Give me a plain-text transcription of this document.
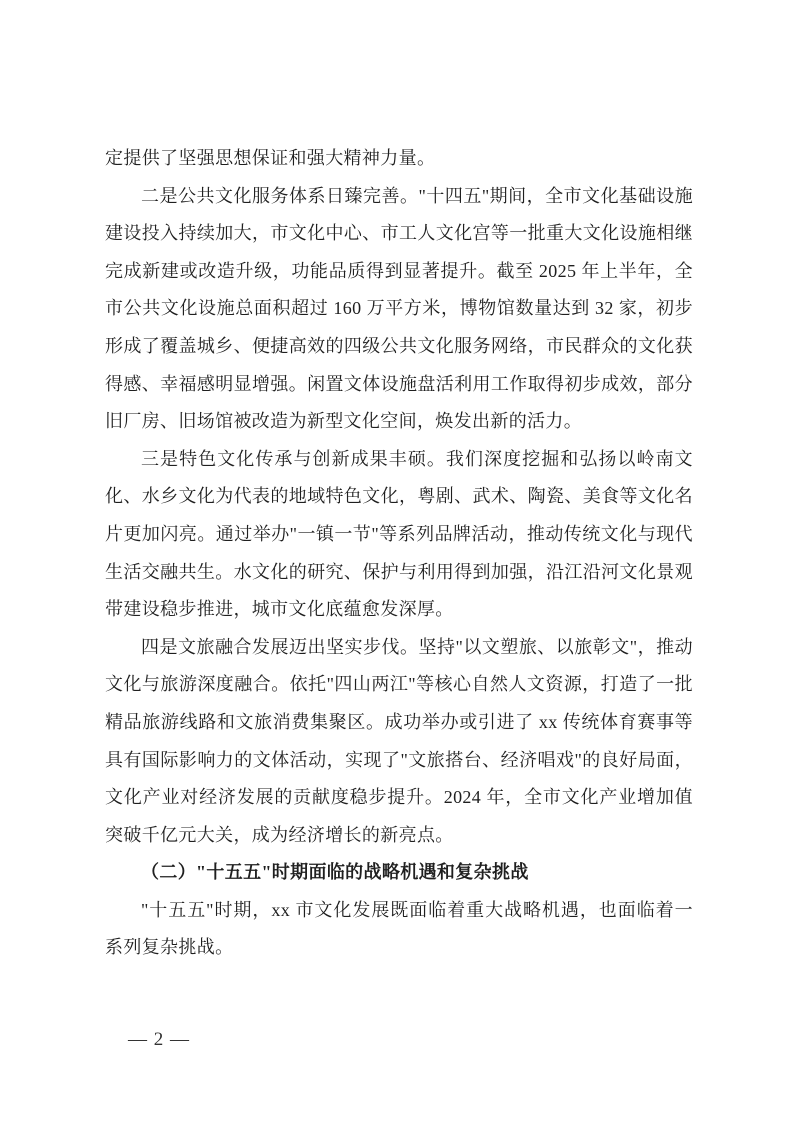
定提供了坚强思想保证和强大精神力量。

二是公共文化服务体系日臻完善。"十四五"期间，全市文化基础设施建设投入持续加大，市文化中心、市工人文化宫等一批重大文化设施相继完成新建或改造升级，功能品质得到显著提升。截至 2025 年上半年，全市公共文化设施总面积超过 160 万平方米，博物馆数量达到 32 家，初步形成了覆盖城乡、便捷高效的四级公共文化服务网络，市民群众的文化获得感、幸福感明显增强。闲置文体设施盘活利用工作取得初步成效，部分旧厂房、旧场馆被改造为新型文化空间，焕发出新的活力。

三是特色文化传承与创新成果丰硕。我们深度挖掘和弘扬以岭南文化、水乡文化为代表的地域特色文化，粤剧、武术、陶瓷、美食等文化名片更加闪亮。通过举办"一镇一节"等系列品牌活动，推动传统文化与现代生活交融共生。水文化的研究、保护与利用得到加强，沿江沿河文化景观带建设稳步推进，城市文化底蕴愈发深厚。

四是文旅融合发展迈出坚实步伐。坚持"以文塑旅、以旅彰文"，推动文化与旅游深度融合。依托"四山两江"等核心自然人文资源，打造了一批精品旅游线路和文旅消费集聚区。成功举办或引进了 xx 传统体育赛事等具有国际影响力的文体活动，实现了"文旅搭台、经济唱戏"的良好局面，文化产业对经济发展的贡献度稳步提升。2024 年，全市文化产业增加值突破千亿元大关，成为经济增长的新亮点。

（二）"十五五"时期面临的战略机遇和复杂挑战

"十五五"时期，xx 市文化发展既面临着重大战略机遇，也面临着一系列复杂挑战。

— 2 —
